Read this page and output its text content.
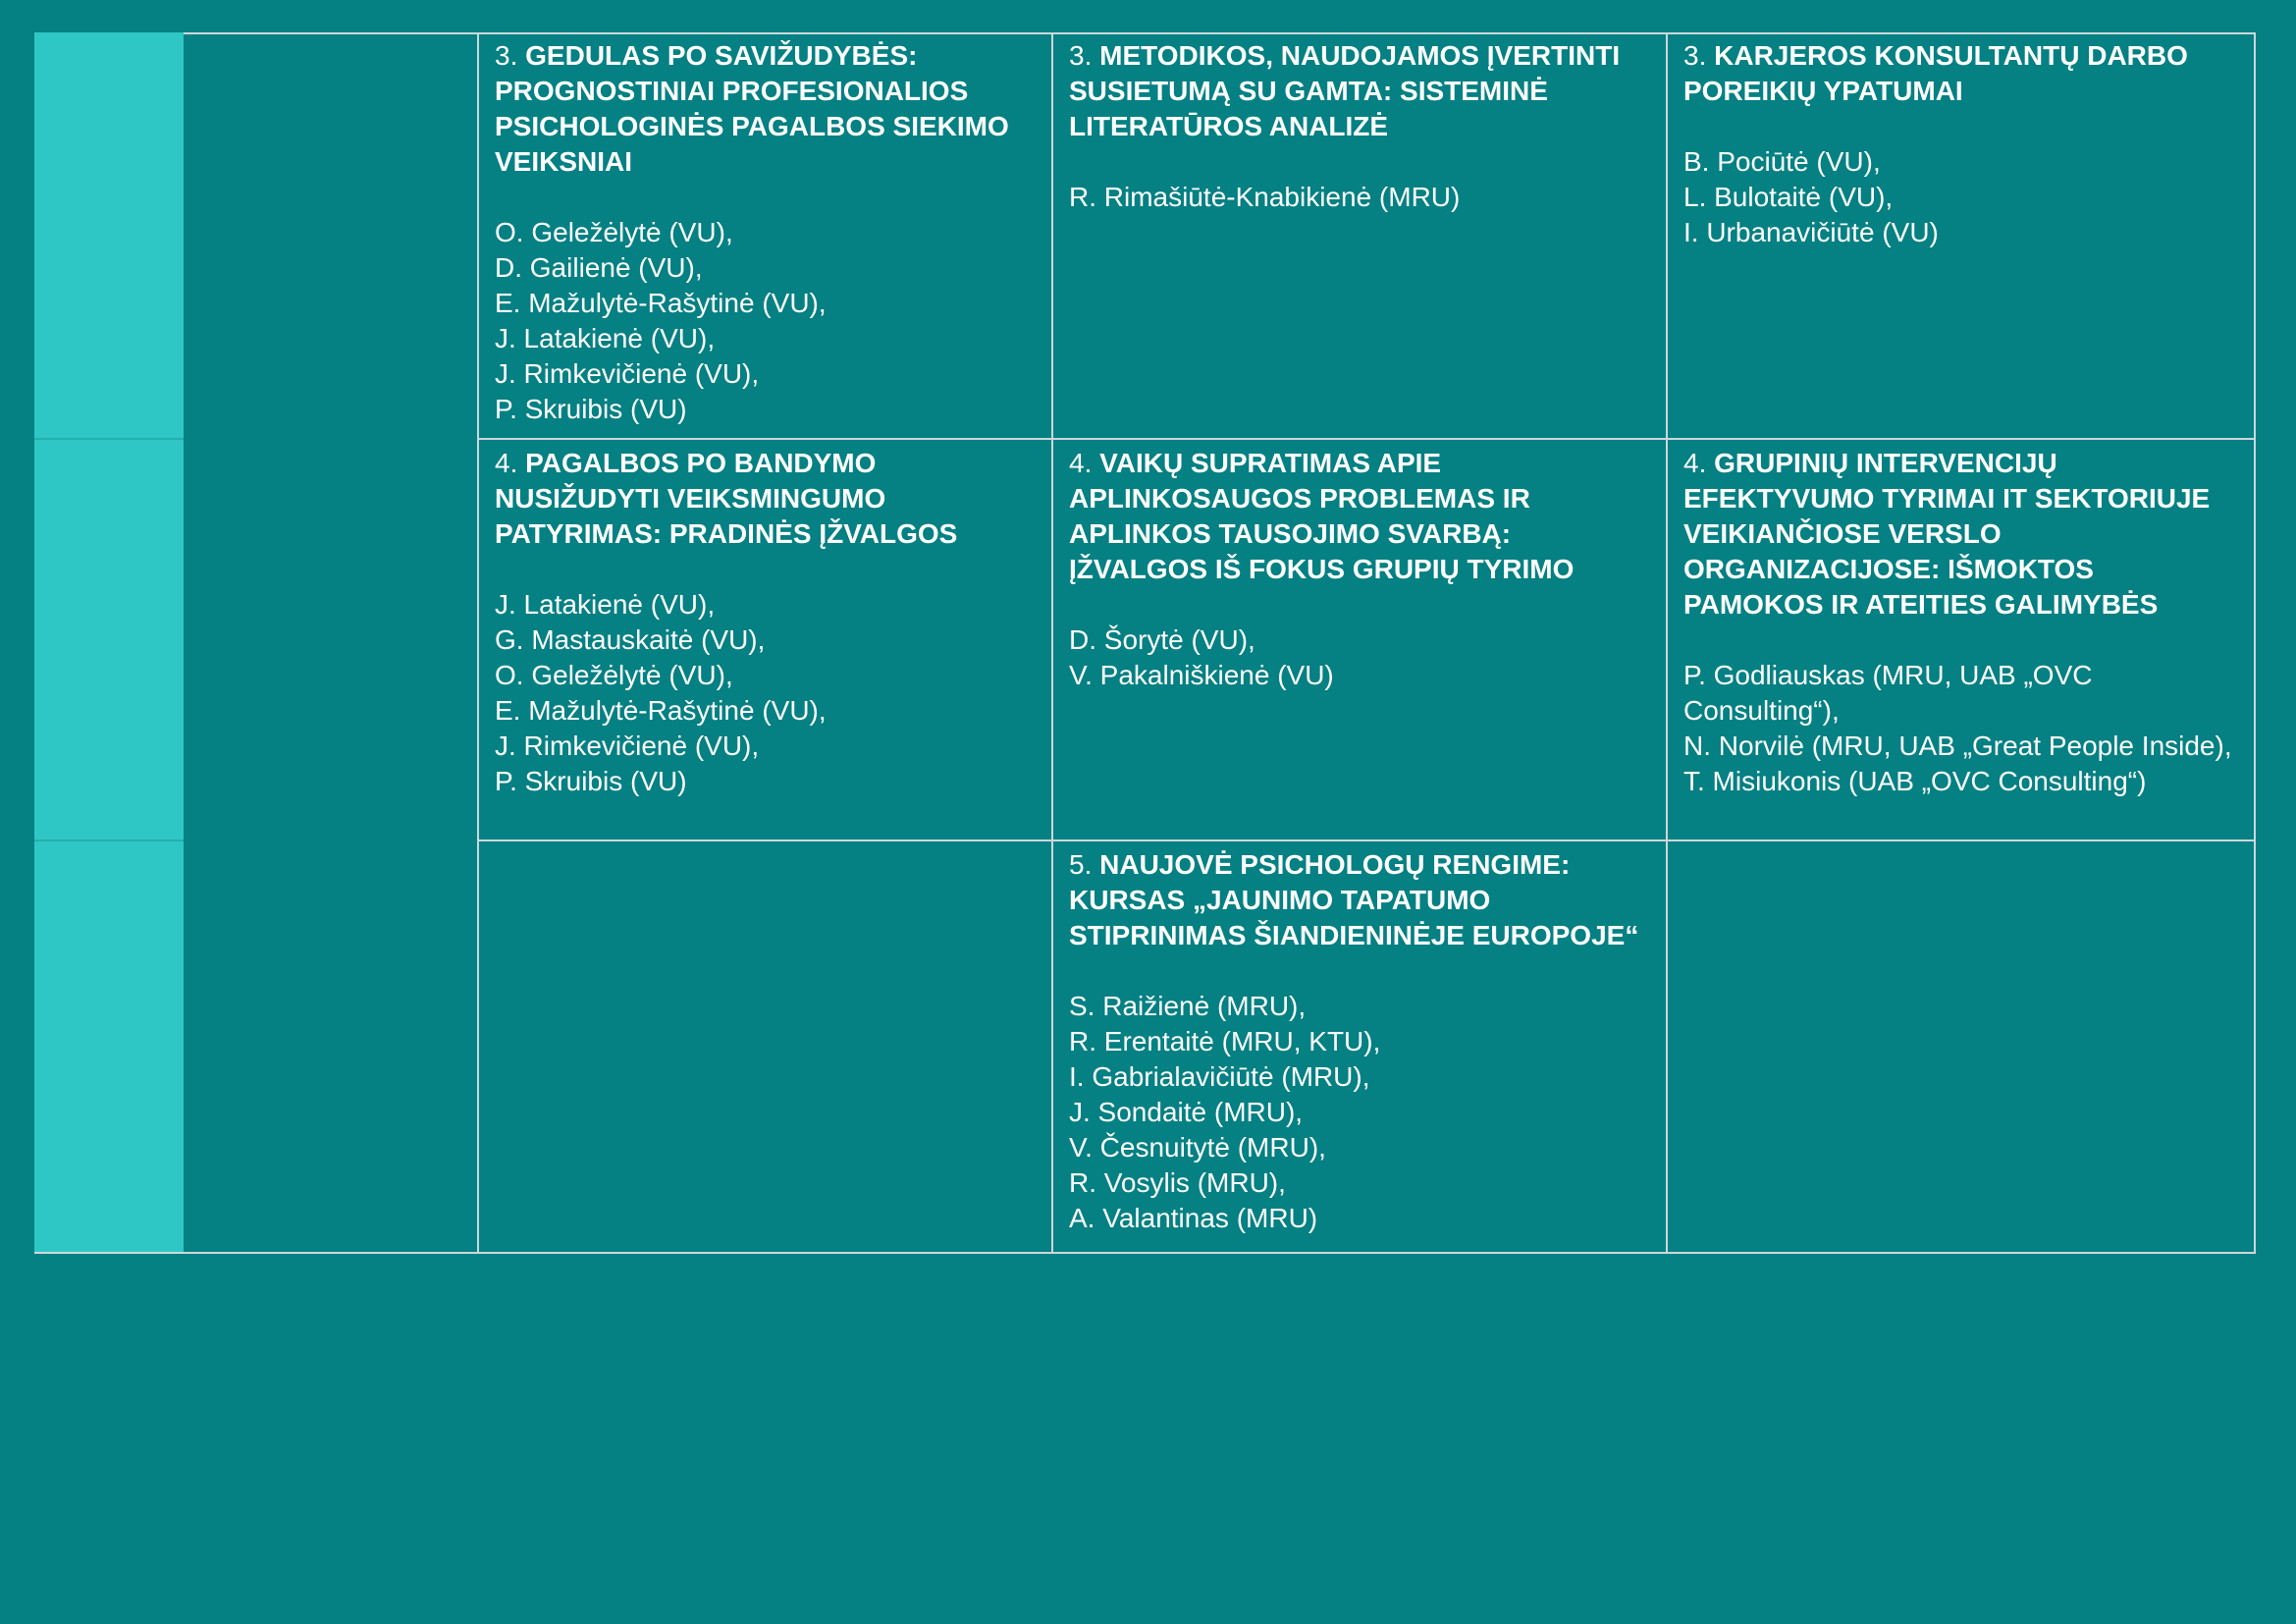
3. GEDULAS PO SAVIŽUDYBĖS: PROGNOSTINIAI PROFESIONALIOS PSICHOLOGINĖS PAGALBOS SIEKIMO VEIKSNIAI
O. Geležėlytė (VU),
D. Gailienė (VU),
E. Mažulytė-Rašytinė (VU),
J. Latakienė (VU),
J. Rimkevičienė (VU),
P. Skruibis (VU)
3. METODIKOS, NAUDOJAMOS ĮVERTINTI SUSIETUMĄ SU GAMTA: SISTEMINĖ LITERATŪROS ANALIZĖ
R. Rimašiūtė-Knabikienė (MRU)
3. KARJEROS KONSULTANTŲ DARBO POREIKIŲ YPATUMAI
B. Pociūtė (VU),
L. Bulotaitė (VU),
I. Urbanavičiūtė (VU)
4. PAGALBOS PO BANDYMO NUSIŽUDYTI VEIKSMINGUMO PATYRIMAS: PRADINĖS ĮŽVALGOS
J. Latakienė (VU),
G. Mastauskaitė (VU),
O. Geležėlytė (VU),
E. Mažulytė-Rašytinė (VU),
J. Rimkevičienė (VU),
P. Skruibis (VU)
4. VAIKŲ SUPRATIMAS APIE APLINKOSAUGOS PROBLEMAS IR APLINKOS TAUSOJIMO SVARBĄ: ĮŽVALGOS IŠ FOKUS GRUPIŲ TYRIMO
D. Šorytė (VU),
V. Pakalniškienė (VU)
4. GRUPINIŲ INTERVENCIJŲ EFEKTYVUMO TYRIMAI IT SEKTORIUJE VEIKIANČIOSE VERSLO ORGANIZACIJOSE: IŠMOKTOS PAMOKOS IR ATEITIES GALIMYBĖS
P. Godliauskas (MRU, UAB „OVC Consulting“),
N. Norvilė (MRU, UAB „Great People Inside),
T. Misiukonis (UAB „OVC Consulting“)
5. NAUJOVĖ PSICHOLOGŲ RENGIME: KURSAS „JAUNIMO TAPATUMO STIPRINIMAS ŠIANDIENINĖJE EUROPOJE“
S. Raižienė (MRU),
R. Erentaitė (MRU, KTU),
I. Gabrialavičiūtė (MRU),
J. Sondaitė (MRU),
V. Česnuitytė (MRU),
R. Vosylis (MRU),
A. Valantinas (MRU)
